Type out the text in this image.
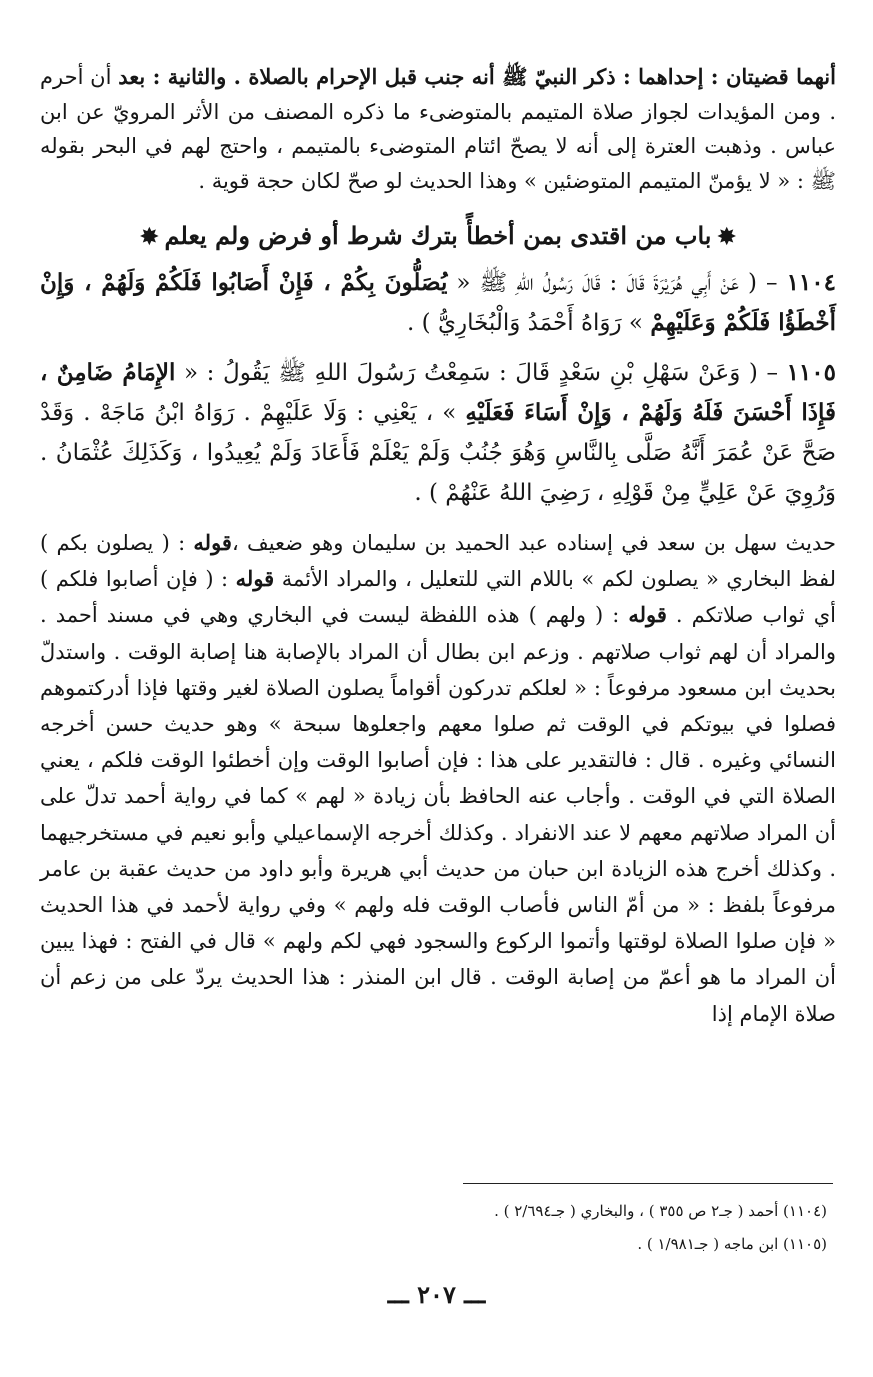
أنهما قضيتان : إحداهما : ذكر النبيّ ﷺ أنه جنب قبل الإحرام بالصلاة . والثانية : بعد أن أحرم . ومن المؤيدات لجواز صلاة المتيمم بالمتوضىء ما ذكره المصنف من الأثر المرويّ عن ابن عباس . وذهبت العترة إلى أنه لا يصحّ ائتام المتوضىء بالمتيمم ، واحتج لهم في البحر بقوله ﷺ : « لا يؤمنّ المتيمم المتوضئين » وهذا الحديث لو صحّ لكان حجة قوية .
✸باب من اقتدى بمن أخطأً بترك شرط أو فرض ولم يعلم✸
١١٠٤ – ( عَنْ أَبِي هُرَيْرَةَ قَالَ : قَالَ رَسُولُ اللهِ ﷺ « يُصَلُّونَ بِكُمْ ، فَإِنْ أَصَابُوا فَلَكُمْ وَلَهُمْ ، وَإِنْ أَخْطَؤُا فَلَكُمْ وَعَلَيْهِمْ » رَوَاهُ أَحْمَدُ وَالْبُخَارِيُّ ) .
١١٠٥ – ( وَعَنْ سَهْلِ بْنِ سَعْدٍ قَالَ : سَمِعْتُ رَسُولَ اللهِ ﷺ يَقُولُ : « الإِمَامُ ضَامِنٌ ، فَإِذَا أَحْسَنَ فَلَهُ وَلَهُمْ ، وَإِنْ أَسَاءَ فَعَلَيْهِ » ، يَعْنِي : وَلَا عَلَيْهِمْ . رَوَاهُ ابْنُ مَاجَهْ . وَقَدْ صَحَّ عَنْ عُمَرَ أَنَّهُ صَلَّى بِالنَّاسِ وَهُوَ جُنُبٌ وَلَمْ يَعْلَمْ فَأَعَادَ وَلَمْ يُعِيدُوا ، وَكَذَلِكَ عُثْمَانُ . وَرُوِيَ عَنْ عَلِيٍّ مِنْ قَوْلِهِ ، رَضِيَ اللهُ عَنْهُمْ ) .
حديث سهل بن سعد في إسناده عبد الحميد بن سليمان وهو ضعيف ،قوله : ( يصلون بكم ) لفظ البخاري « يصلون لكم » باللام التي للتعليل ، والمراد الأئمة قوله : ( فإن أصابوا فلكم ) أي ثواب صلاتكم . قوله : ( ولهم ) هذه اللفظة ليست في البخاري وهي في مسند أحمد . والمراد أن لهم ثواب صلاتهم . وزعم ابن بطال أن المراد بالإصابة هنا إصابة الوقت . واستدلّ بحديث ابن مسعود مرفوعاً : « لعلكم تدركون أقواماً يصلون الصلاة لغير وقتها فإذا أدركتموهم فصلوا في بيوتكم في الوقت ثم صلوا معهم واجعلوها سبحة » وهو حديث حسن أخرجه النسائي وغيره . قال : فالتقدير على هذا : فإن أصابوا الوقت وإن أخطئوا الوقت فلكم ، يعني الصلاة التي في الوقت . وأجاب عنه الحافظ بأن زيادة « لهم » كما في رواية أحمد تدلّ على أن المراد صلاتهم معهم لا عند الانفراد . وكذلك أخرجه الإسماعيلي وأبو نعيم في مستخرجيهما . وكذلك أخرج هذه الزيادة ابن حبان من حديث أبي هريرة وأبو داود من حديث عقبة بن عامر مرفوعاً بلفظ : « من أمّ الناس فأصاب الوقت فله ولهم » وفي رواية لأحمد في هذا الحديث « فإن صلوا الصلاة لوقتها وأتموا الركوع والسجود فهي لكم ولهم » قال في الفتح : فهذا يبين أن المراد ما هو أعمّ من إصابة الوقت . قال ابن المنذر : هذا الحديث يردّ على من زعم أن صلاة الإمام إذا
(١١٠٤) أحمد ( جـ٢ ص ٣٥٥ ) ، والبخاري ( جـ٢/٦٩٤ ) .
(١١٠٥) ابن ماجه ( جـ١/٩٨١ ) .
ـــ ٢٠٧ ـــ
